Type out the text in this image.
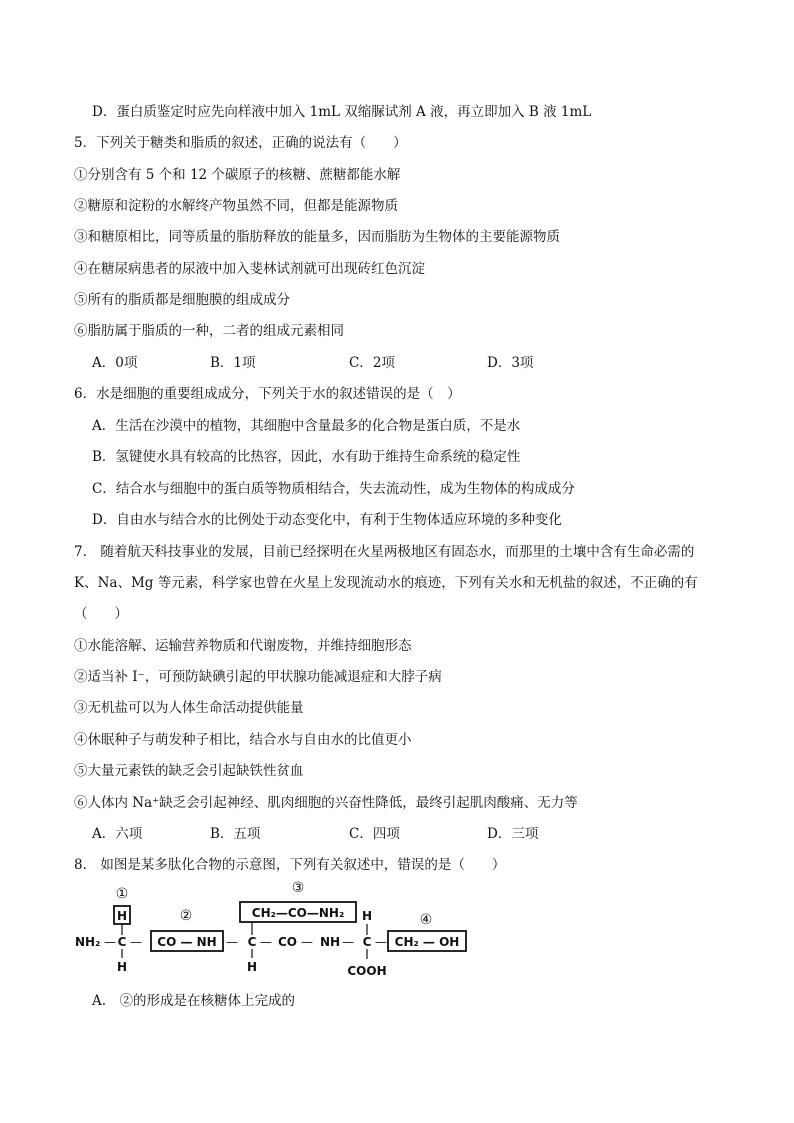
D．蛋白质鉴定时应先向样液中加入 1mL 双缩脲试剂 A 液，再立即加入 B 液 1mL
5．下列关于糖类和脂质的叙述，正确的说法有（　　）
①分别含有 5 个和 12 个碳原子的核糖、蔗糖都能水解
②糖原和淀粉的水解终产物虽然不同，但都是能源物质
③和糖原相比，同等质量的脂肪释放的能量多，因而脂肪为生物体的主要能源物质
④在糖尿病患者的尿液中加入斐林试剂就可出现砖红色沉淀
⑤所有的脂质都是细胞膜的组成成分
⑥脂肪属于脂质的一种，二者的组成元素相同
A．0项	B．1项	C．2项	D．3项
6．水是细胞的重要组成成分，下列关于水的叙述错误的是（　）
A．生活在沙漠中的植物，其细胞中含量最多的化合物是蛋白质，不是水
B．氢键使水具有较高的比热容，因此，水有助于维持生命系统的稳定性
C．结合水与细胞中的蛋白质等物质相结合，失去流动性，成为生物体的构成成分
D．自由水与结合水的比例处于动态变化中，有利于生物体适应环境的多种变化
7.　随着航天科技事业的发展，目前已经探明在火星两极地区有固态水，而那里的土壤中含有生命必需的
K、Na、Mg 等元素，科学家也曾在火星上发现流动水的痕迹，下列有关水和无机盐的叙述，不正确的有
（　　）
①水能溶解、运输营养物质和代谢废物，并维持细胞形态
②适当补 I⁻，可预防缺碘引起的甲状腺功能减退症和大脖子病
③无机盐可以为人体生命活动提供能量
④休眠种子与萌发种子相比，结合水与自由水的比值更小
⑤大量元素铁的缺乏会引起缺铁性贫血
⑥人体内 Na⁺缺乏会引起神经、肌肉细胞的兴奋性降低，最终引起肌肉酸痛、无力等
A．六项	B．五项	C．四项	D．三项
8.　如图是某多肽化合物的示意图，下列有关叙述中，错误的是（　　）
①
②
③
④
H
NH₂ — C
H
— CO — NH —
CH₂—CO—NH₂
C
H
— CO — NH —
H
C
COOH
— CH₂ — OH
A.　②的形成是在核糖体上完成的
